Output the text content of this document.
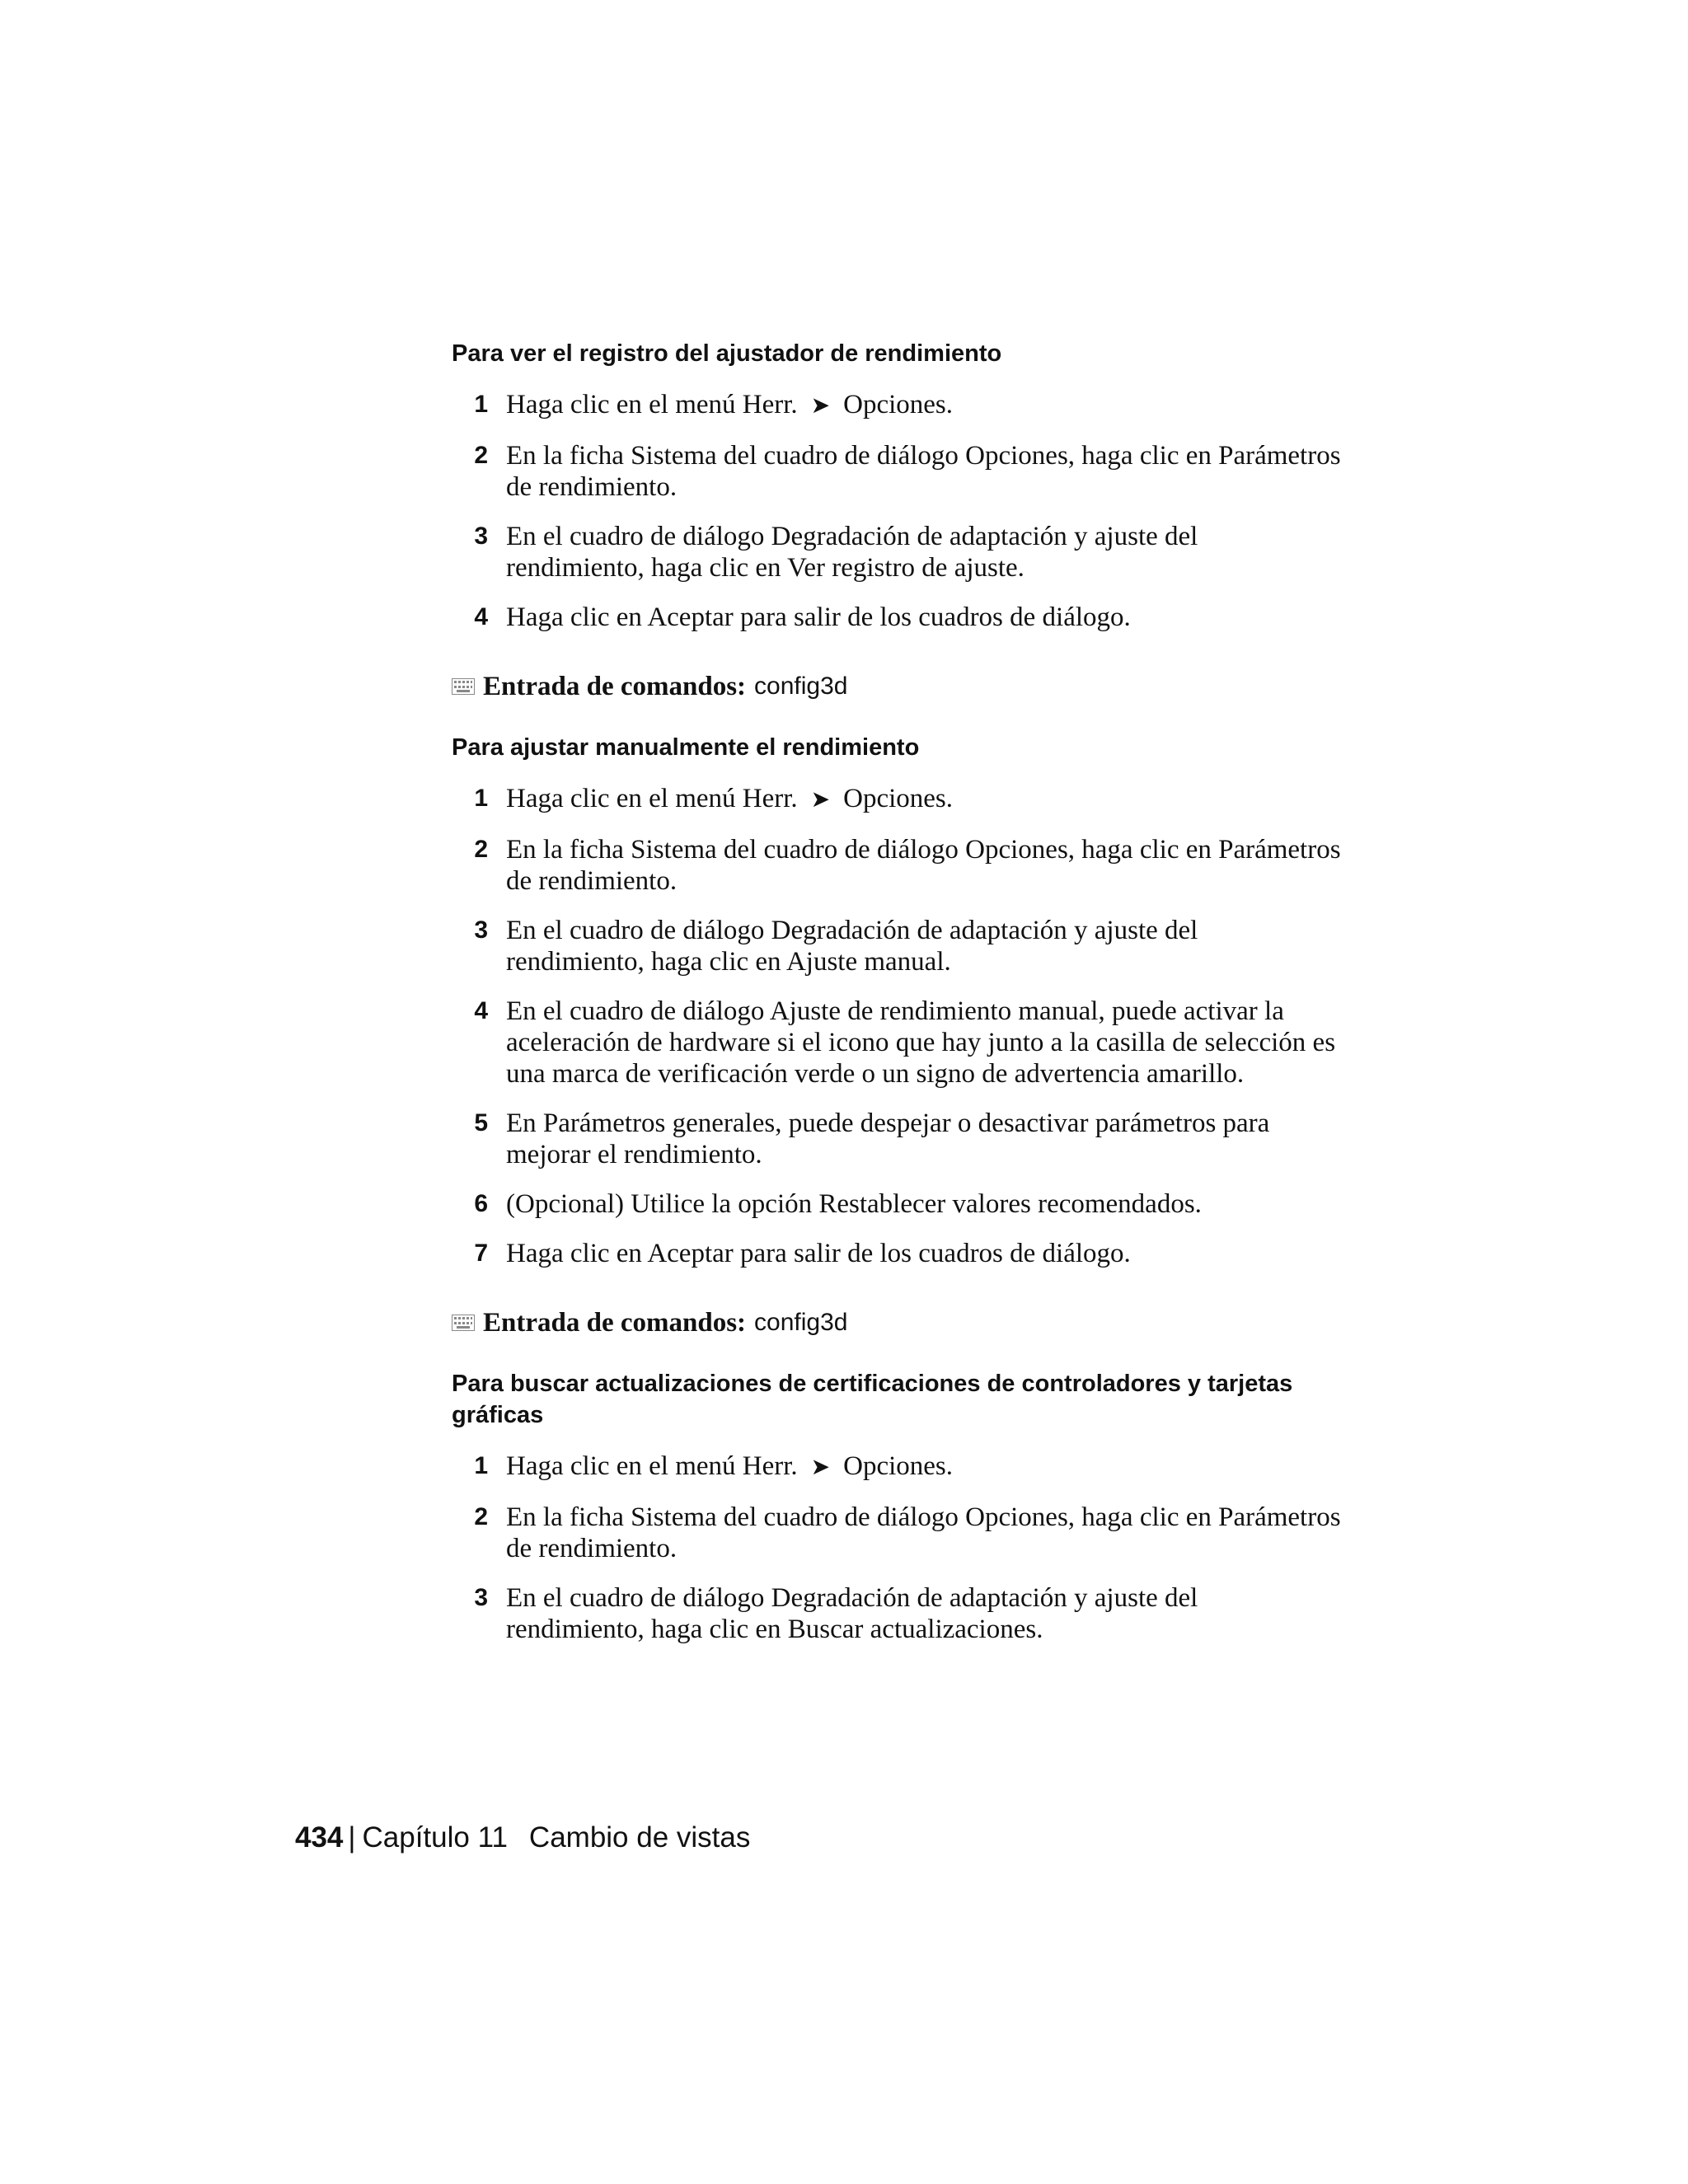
Para ver el registro del ajustador de rendimiento
1 Haga clic en el menú Herr. ➤ Opciones.
2 En la ficha Sistema del cuadro de diálogo Opciones, haga clic en Parámetros de rendimiento.
3 En el cuadro de diálogo Degradación de adaptación y ajuste del rendimiento, haga clic en Ver registro de ajuste.
4 Haga clic en Aceptar para salir de los cuadros de diálogo.
Entrada de comandos: config3d
Para ajustar manualmente el rendimiento
1 Haga clic en el menú Herr. ➤ Opciones.
2 En la ficha Sistema del cuadro de diálogo Opciones, haga clic en Parámetros de rendimiento.
3 En el cuadro de diálogo Degradación de adaptación y ajuste del rendimiento, haga clic en Ajuste manual.
4 En el cuadro de diálogo Ajuste de rendimiento manual, puede activar la aceleración de hardware si el icono que hay junto a la casilla de selección es una marca de verificación verde o un signo de advertencia amarillo.
5 En Parámetros generales, puede despejar o desactivar parámetros para mejorar el rendimiento.
6 (Opcional) Utilice la opción Restablecer valores recomendados.
7 Haga clic en Aceptar para salir de los cuadros de diálogo.
Entrada de comandos: config3d
Para buscar actualizaciones de certificaciones de controladores y tarjetas gráficas
1 Haga clic en el menú Herr. ➤ Opciones.
2 En la ficha Sistema del cuadro de diálogo Opciones, haga clic en Parámetros de rendimiento.
3 En el cuadro de diálogo Degradación de adaptación y ajuste del rendimiento, haga clic en Buscar actualizaciones.
434 | Capítulo 11 Cambio de vistas
